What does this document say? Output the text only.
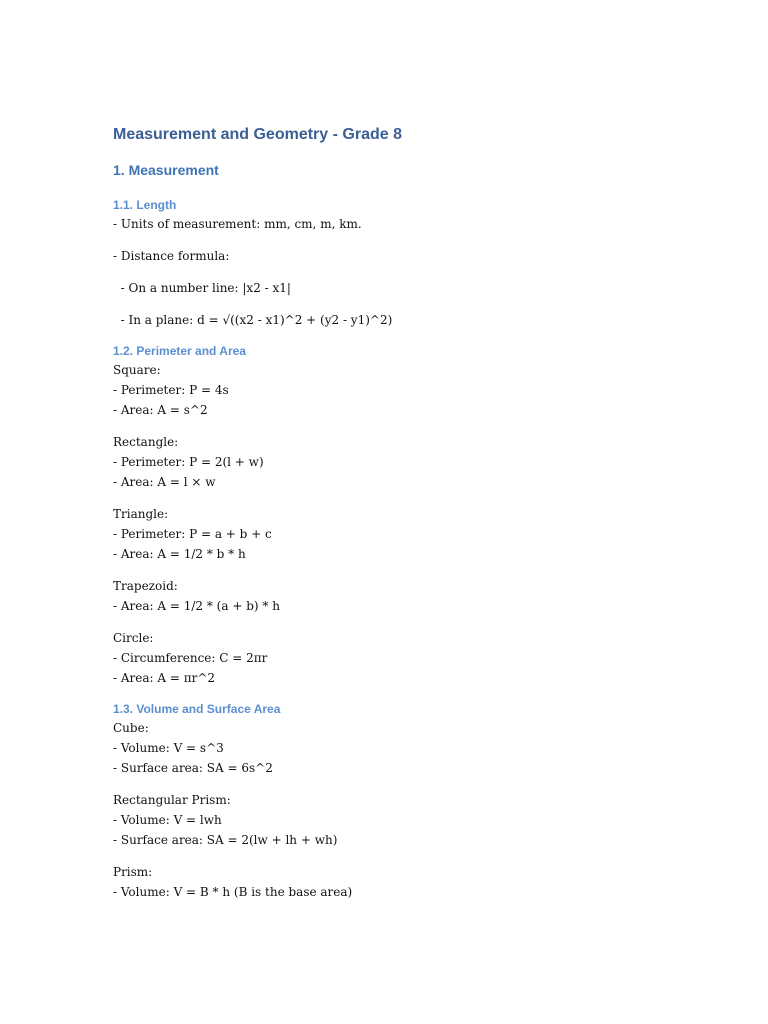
Measurement and Geometry - Grade 8
1. Measurement
1.1. Length
- Units of measurement: mm, cm, m, km.
- Distance formula:
- On a number line: |x2 - x1|
- In a plane: d = √((x2 - x1)^2 + (y2 - y1)^2)
1.2. Perimeter and Area
Square:
- Perimeter: P = 4s
- Area: A = s^2
Rectangle:
- Perimeter: P = 2(l + w)
- Area: A = l × w
Triangle:
- Perimeter: P = a + b + c
- Area: A = 1/2 * b * h
Trapezoid:
- Area: A = 1/2 * (a + b) * h
Circle:
- Circumference: C = 2πr
- Area: A = πr^2
1.3. Volume and Surface Area
Cube:
- Volume: V = s^3
- Surface area: SA = 6s^2
Rectangular Prism:
- Volume: V = lwh
- Surface area: SA = 2(lw + lh + wh)
Prism:
- Volume: V = B * h (B is the base area)
